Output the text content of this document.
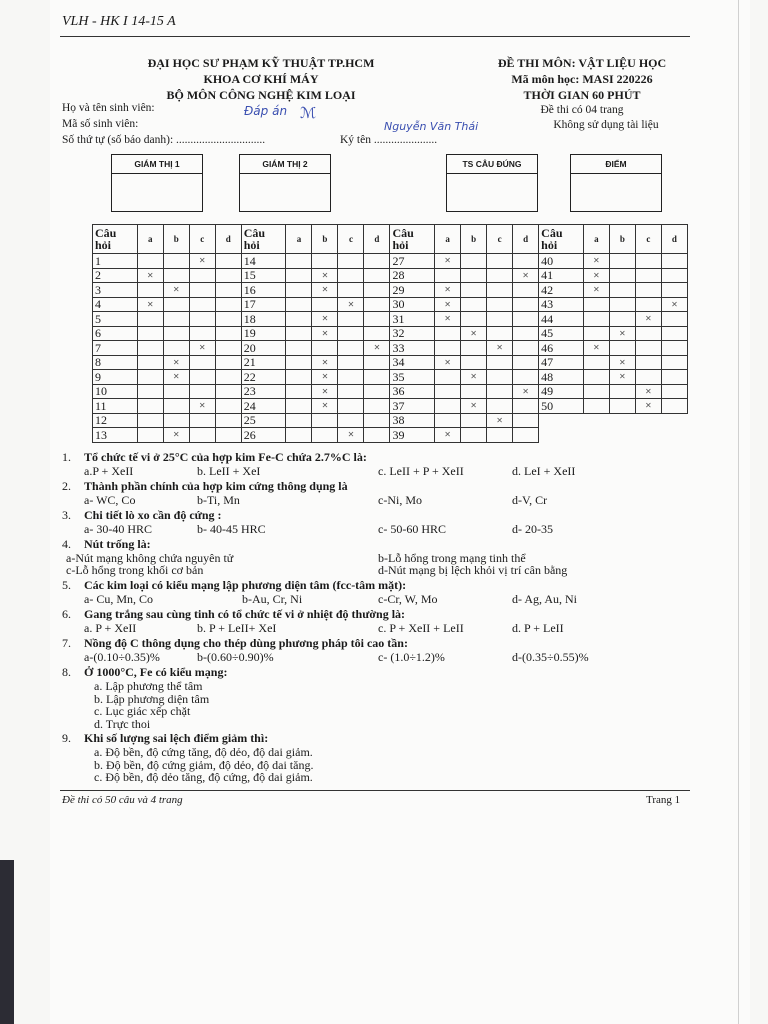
VLH - HK I 14-15 A
ĐẠI HỌC SƯ PHẠM KỸ THUẬT TP.HCM
KHOA CƠ KHÍ MÁY
BỘ MÔN CÔNG NGHỆ KIM LOẠI
ĐỀ THI MÔN: VẬT LIỆU HỌC
Mã môn học: MASI 220226
THỜI GIAN 60 PHÚT
Đề thi có 04 trang
Không sử dụng tài liệu
Họ và tên sinh viên:
Mã số sinh viên:
Số thứ tự (số báo danh): ...............................	Ký tên ......................
Đáp án ℳ
Nguyễn Văn Thái
GIÁM THỊ 1	GIÁM THỊ 2	TS CÂU ĐÚNG	ĐIỂM
Câu hỏi	a	b	c	d	Câu hỏi	a	b	c	d	Câu hỏi	a	b	c	d	Câu hỏi	a	b	c	d
1			✕		14					27	✕				40	✕			
2	✕				15		✕			28				✕	41	✕			
3		✕			16		✕			29	✕				42	✕			
4	✕				17			✕		30	✕				43				✕
5					18		✕			31	✕				44			✕	
6					19		✕			32		✕			45		✕		
7			✕		20				✕	33			✕		46	✕			
8		✕			21		✕			34	✕				47		✕		
9		✕			22		✕			35		✕			48		✕		
10					23		✕			36				✕	49			✕	
11			✕		24		✕			37		✕			50			✕	
12					25					38			✕						
13		✕			26			✕		39	✕								
1. Tổ chức tế vi ở 25°C của hợp kim Fe-C chứa 2.7%C là:
a.P + XeII	b. LeII + XeI	c. LeII + P + XeII	d. LeI + XeII
2. Thành phần chính của hợp kim cứng thông dụng là
a- WC, Co	b-Ti, Mn	c-Ni, Mo	d-V, Cr
3. Chi tiết lò xo cần độ cứng :
a- 30-40 HRC	b- 40-45 HRC	c- 50-60 HRC	d- 20-35
4. Nút trống là:
a-Nút mạng không chứa nguyên tử	b-Lỗ hổng trong mạng tinh thể
c-Lỗ hổng trong khối cơ bản	d-Nút mạng bị lệch khỏi vị trí cân bằng
5. Các kim loại có kiểu mạng lập phương diện tâm (fcc-tâm mặt):
a- Cu, Mn, Co	b-Au, Cr, Ni	c-Cr, W, Mo	d- Ag, Au, Ni
6. Gang trắng sau cùng tinh có tổ chức tế vi ở nhiệt độ thường là:
a. P + XeII	b. P + LeII+ XeI	c. P + XeII + LeII	d. P + LeII
7. Nồng độ C thông dụng cho thép dùng phương pháp tôi cao tần:
a-(0.10÷0.35)%	b-(0.60÷0.90)%	c- (1.0÷1.2)%	d-(0.35÷0.55)%
8. Ở 1000°C, Fe có kiểu mạng:
a. Lập phương thể tâm
b. Lập phương diện tâm
c. Lục giác xếp chặt
d. Trực thoi
9. Khi số lượng sai lệch điểm giảm thì:
a. Độ bền, độ cứng tăng, độ dẻo, độ dai giảm.
b. Độ bền, độ cứng giảm, độ dẻo, độ dai tăng.
c. Độ bền, độ dẻo tăng, độ cứng, độ dai giảm.
Đề thi có 50 câu và 4 trang	Trang 1
